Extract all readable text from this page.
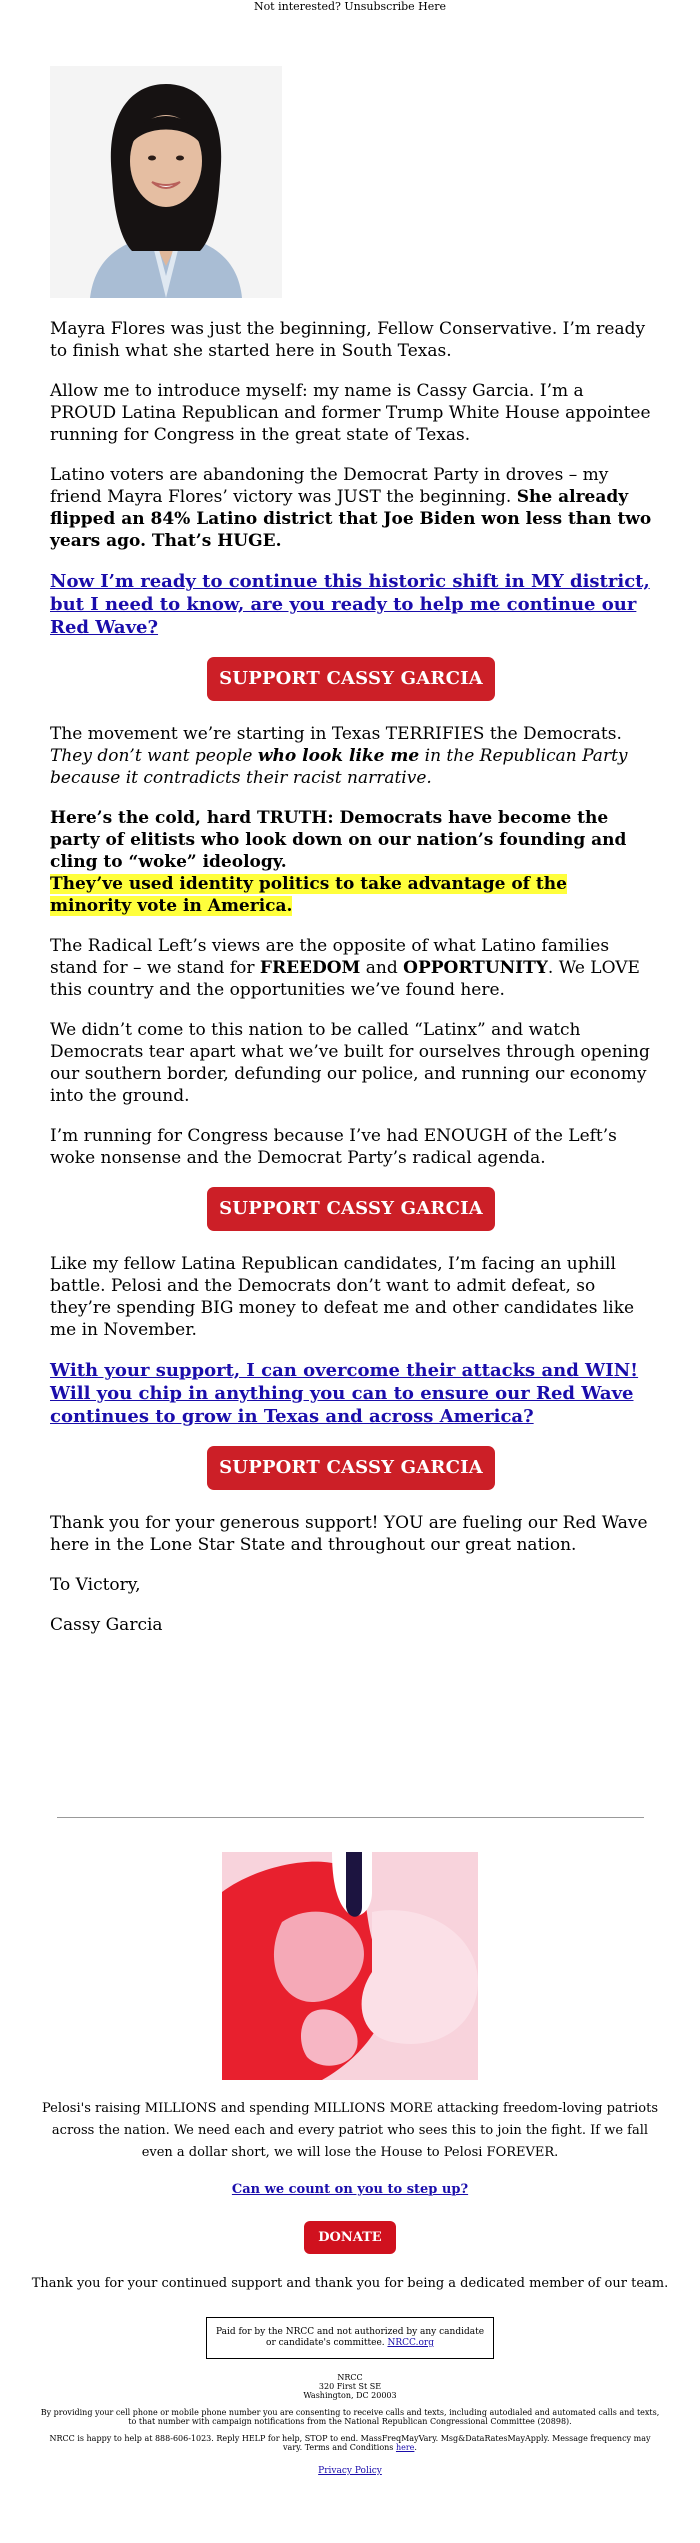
Not interested? Unsubscribe Here

Mayra Flores was just the beginning, Fellow Conservative. I’m ready to finish what she started here in South Texas.

Allow me to introduce myself: my name is Cassy Garcia. I’m a PROUD Latina Republican and former Trump White House appointee running for Congress in the great state of Texas.

Latino voters are abandoning the Democrat Party in droves – my friend Mayra Flores’ victory was JUST the beginning. She already flipped an 84% Latino district that Joe Biden won less than two years ago. That’s HUGE.

Now I’m ready to continue this historic shift in MY district, but I need to know, are you ready to help me continue our Red Wave?

SUPPORT CASSY GARCIA

The movement we’re starting in Texas TERRIFIES the Democrats. They don’t want people who look like me in the Republican Party because it contradicts their racist narrative.

Here’s the cold, hard TRUTH: Democrats have become the party of elitists who look down on our nation’s founding and cling to “woke” ideology.
They’ve used identity politics to take advantage of the minority vote in America.

The Radical Left’s views are the opposite of what Latino families stand for – we stand for FREEDOM and OPPORTUNITY. We LOVE this country and the opportunities we’ve found here.

We didn’t come to this nation to be called “Latinx” and watch Democrats tear apart what we’ve built for ourselves through opening our southern border, defunding our police, and running our economy into the ground.

I’m running for Congress because I’ve had ENOUGH of the Left’s woke nonsense and the Democrat Party’s radical agenda.

SUPPORT CASSY GARCIA

Like my fellow Latina Republican candidates, I’m facing an uphill battle. Pelosi and the Democrats don’t want to admit defeat, so they’re spending BIG money to defeat me and other candidates like me in November.

With your support, I can overcome their attacks and WIN! Will you chip in anything you can to ensure our Red Wave continues to grow in Texas and across America?

SUPPORT CASSY GARCIA

Thank you for your generous support! YOU are fueling our Red Wave here in the Lone Star State and throughout our great nation.

To Victory,

Cassy Garcia

Pelosi's raising MILLIONS and spending MILLIONS MORE attacking freedom-loving patriots across the nation. We need each and every patriot who sees this to join the fight. If we fall even a dollar short, we will lose the House to Pelosi FOREVER.
Can we count on you to step up?
DONATE
Thank you for your continued support and thank you for being a dedicated member of our team.
Paid for by the NRCC and not authorized by any candidate or candidate's committee. NRCC.org
NRCC
320 First St SE
Washington, DC 20003
By providing your cell phone or mobile phone number you are consenting to receive calls and texts, including autodialed and automated calls and texts, to that number with campaign notifications from the National Republican Congressional Committee (20898).
NRCC is happy to help at 888-606-1023. Reply HELP for help, STOP to end. MassFreqMayVary. Msg&DataRatesMayApply. Message frequency may vary. Terms and Conditions here.
Privacy Policy
